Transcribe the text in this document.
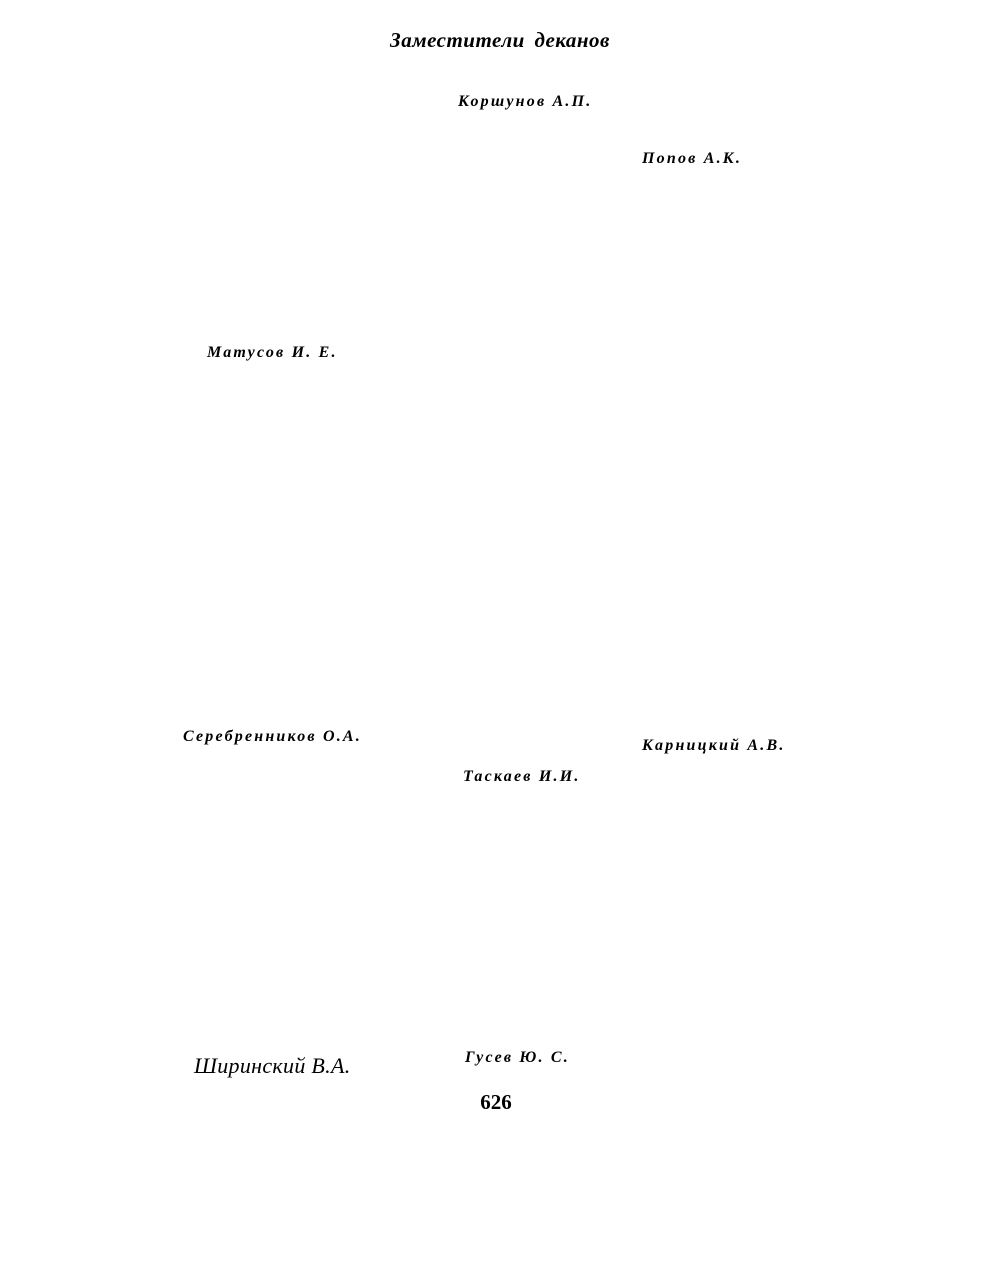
Заместители деканов
Коршунов А.П.
Попов А.К.
Матусов И. Е.
Серебренников О.А.
Карницкий А.В.
Таскаев И.И.
Гусев Ю. С.
Ширинский В.А.
626
